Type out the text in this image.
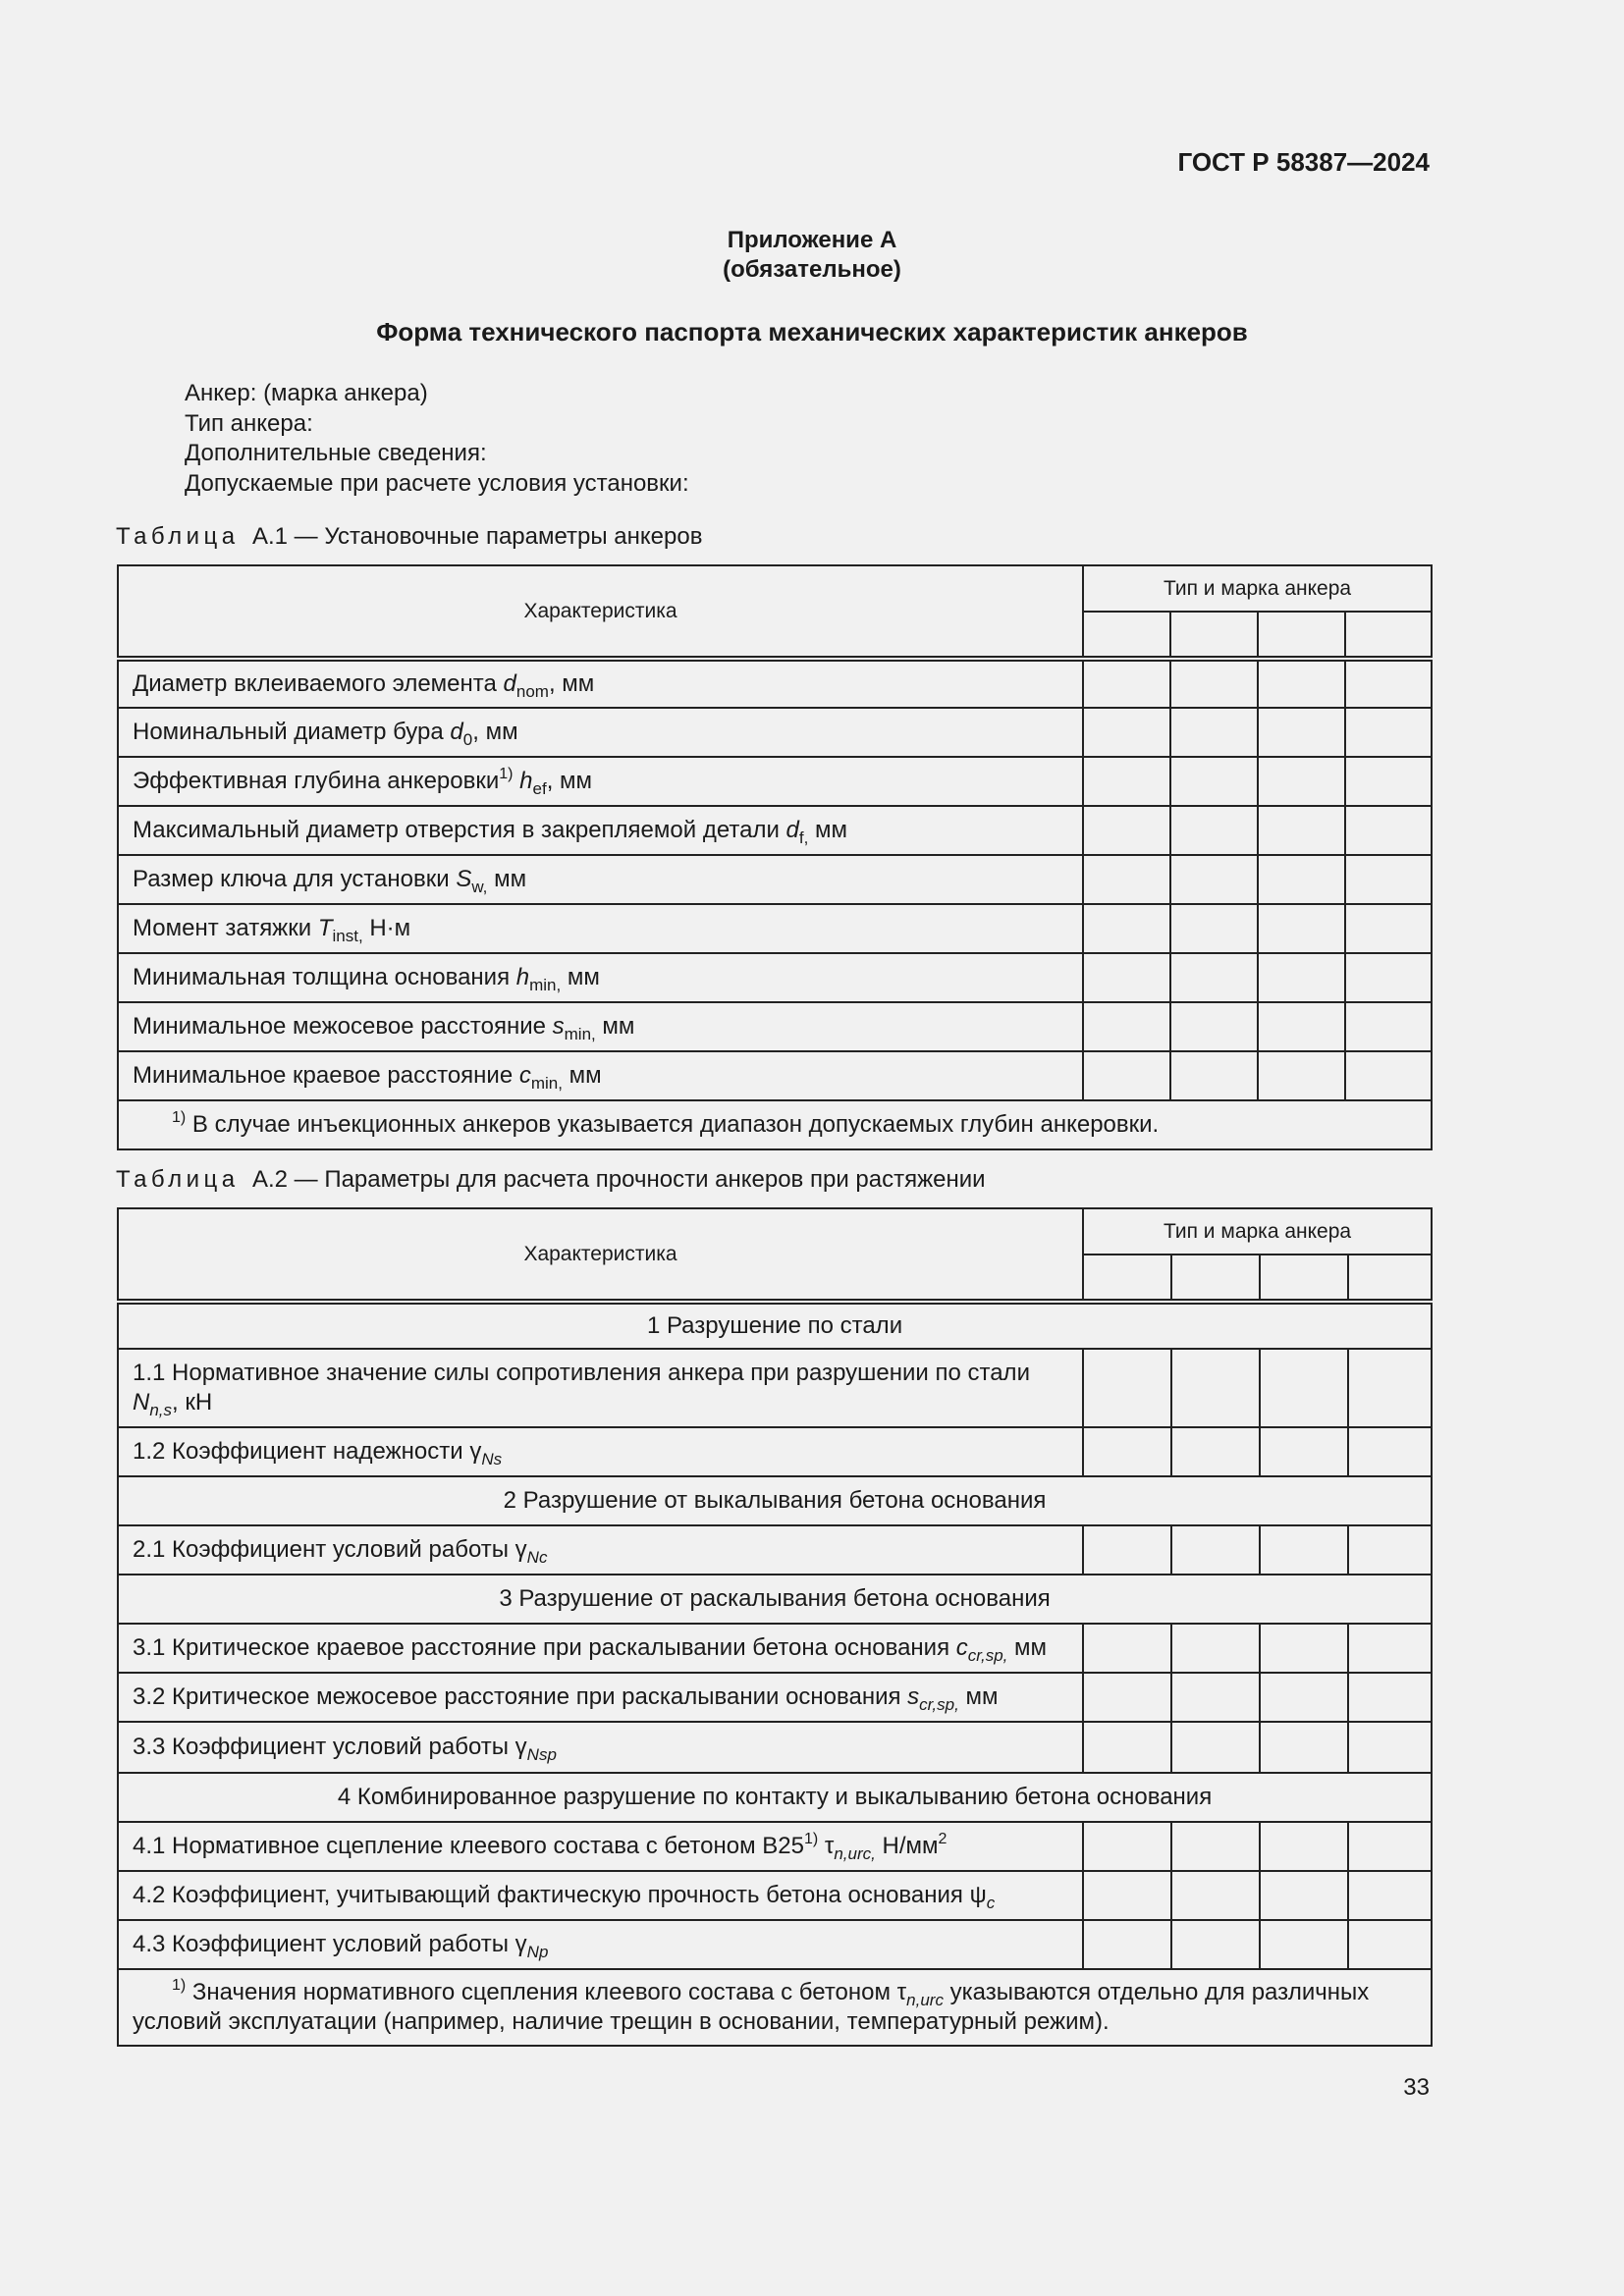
ГОСТ Р 58387—2024
Приложение А
(обязательное)
Форма технического паспорта механических характеристик анкеров
Анкер: (марка анкера)
Тип анкера:
Дополнительные сведения:
Допускаемые при расчете условия установки:
Таблица А.1 — Установочные параметры анкеров
Характеристика	Тип и марка анкера			

Диаметр вклеиваемого элемента $d_{nom}$, мм				
Номинальный диаметр бура $d_0$, мм				
Эффективная глубина анкеровки$^{1)}$ $h_{ef}$, мм				
Максимальный диаметр отверстия в закрепляемой детали $d_{f,}$ мм				
Размер ключа для установки $S_{w,}$ мм				
Момент затяжки $T_{inst,}$ Н·м				
Минимальная толщина основания $h_{min,}$ мм				
Минимальное межосевое расстояние $s_{min,}$ мм				
Минимальное краевое расстояние $c_{min,}$ мм				
$^{1)}$ В случае инъекционных анкеров указывается диапазон допускаемых глубин анкеровки.				
Таблица А.2 — Параметры для расчета прочности анкеров при растяжении
Характеристика	Тип и марка анкера			

1 Разрушение по стали				
1.1 Нормативное значение силы сопротивления анкера при разрушении по стали
$N_{n,s}$, кН				
1.2 Коэффициент надежности $\gamma_{Ns}$				
2 Разрушение от выкалывания бетона основания				
2.1 Коэффициент условий работы $\gamma_{Nc}$				
3 Разрушение от раскалывания бетона основания				
3.1 Критическое краевое расстояние при раскалывании бетона основания $c_{cr,sp,}$ мм				
3.2 Критическое межосевое расстояние при раскалывании основания $s_{cr,sp,}$ мм				
3.3 Коэффициент условий работы $\gamma_{Nsp}$				
4 Комбинированное разрушение по контакту и выкалыванию бетона основания				
4.1 Нормативное сцепление клеевого состава с бетоном В25$^{1)}$ $\tau_{n,urc,}$ $Н/мм^2$				
4.2 Коэффициент, учитывающий фактическую прочность бетона основания $\psi_c$				
4.3 Коэффициент условий работы $\gamma_{Np}$				
$^{1)}$ Значения нормативного сцепления клеевого состава с бетоном $\tau_{n,urc}$ указываются отдельно для различных условий эксплуатации (например, наличие трещин в основании, температурный режим).				
33
